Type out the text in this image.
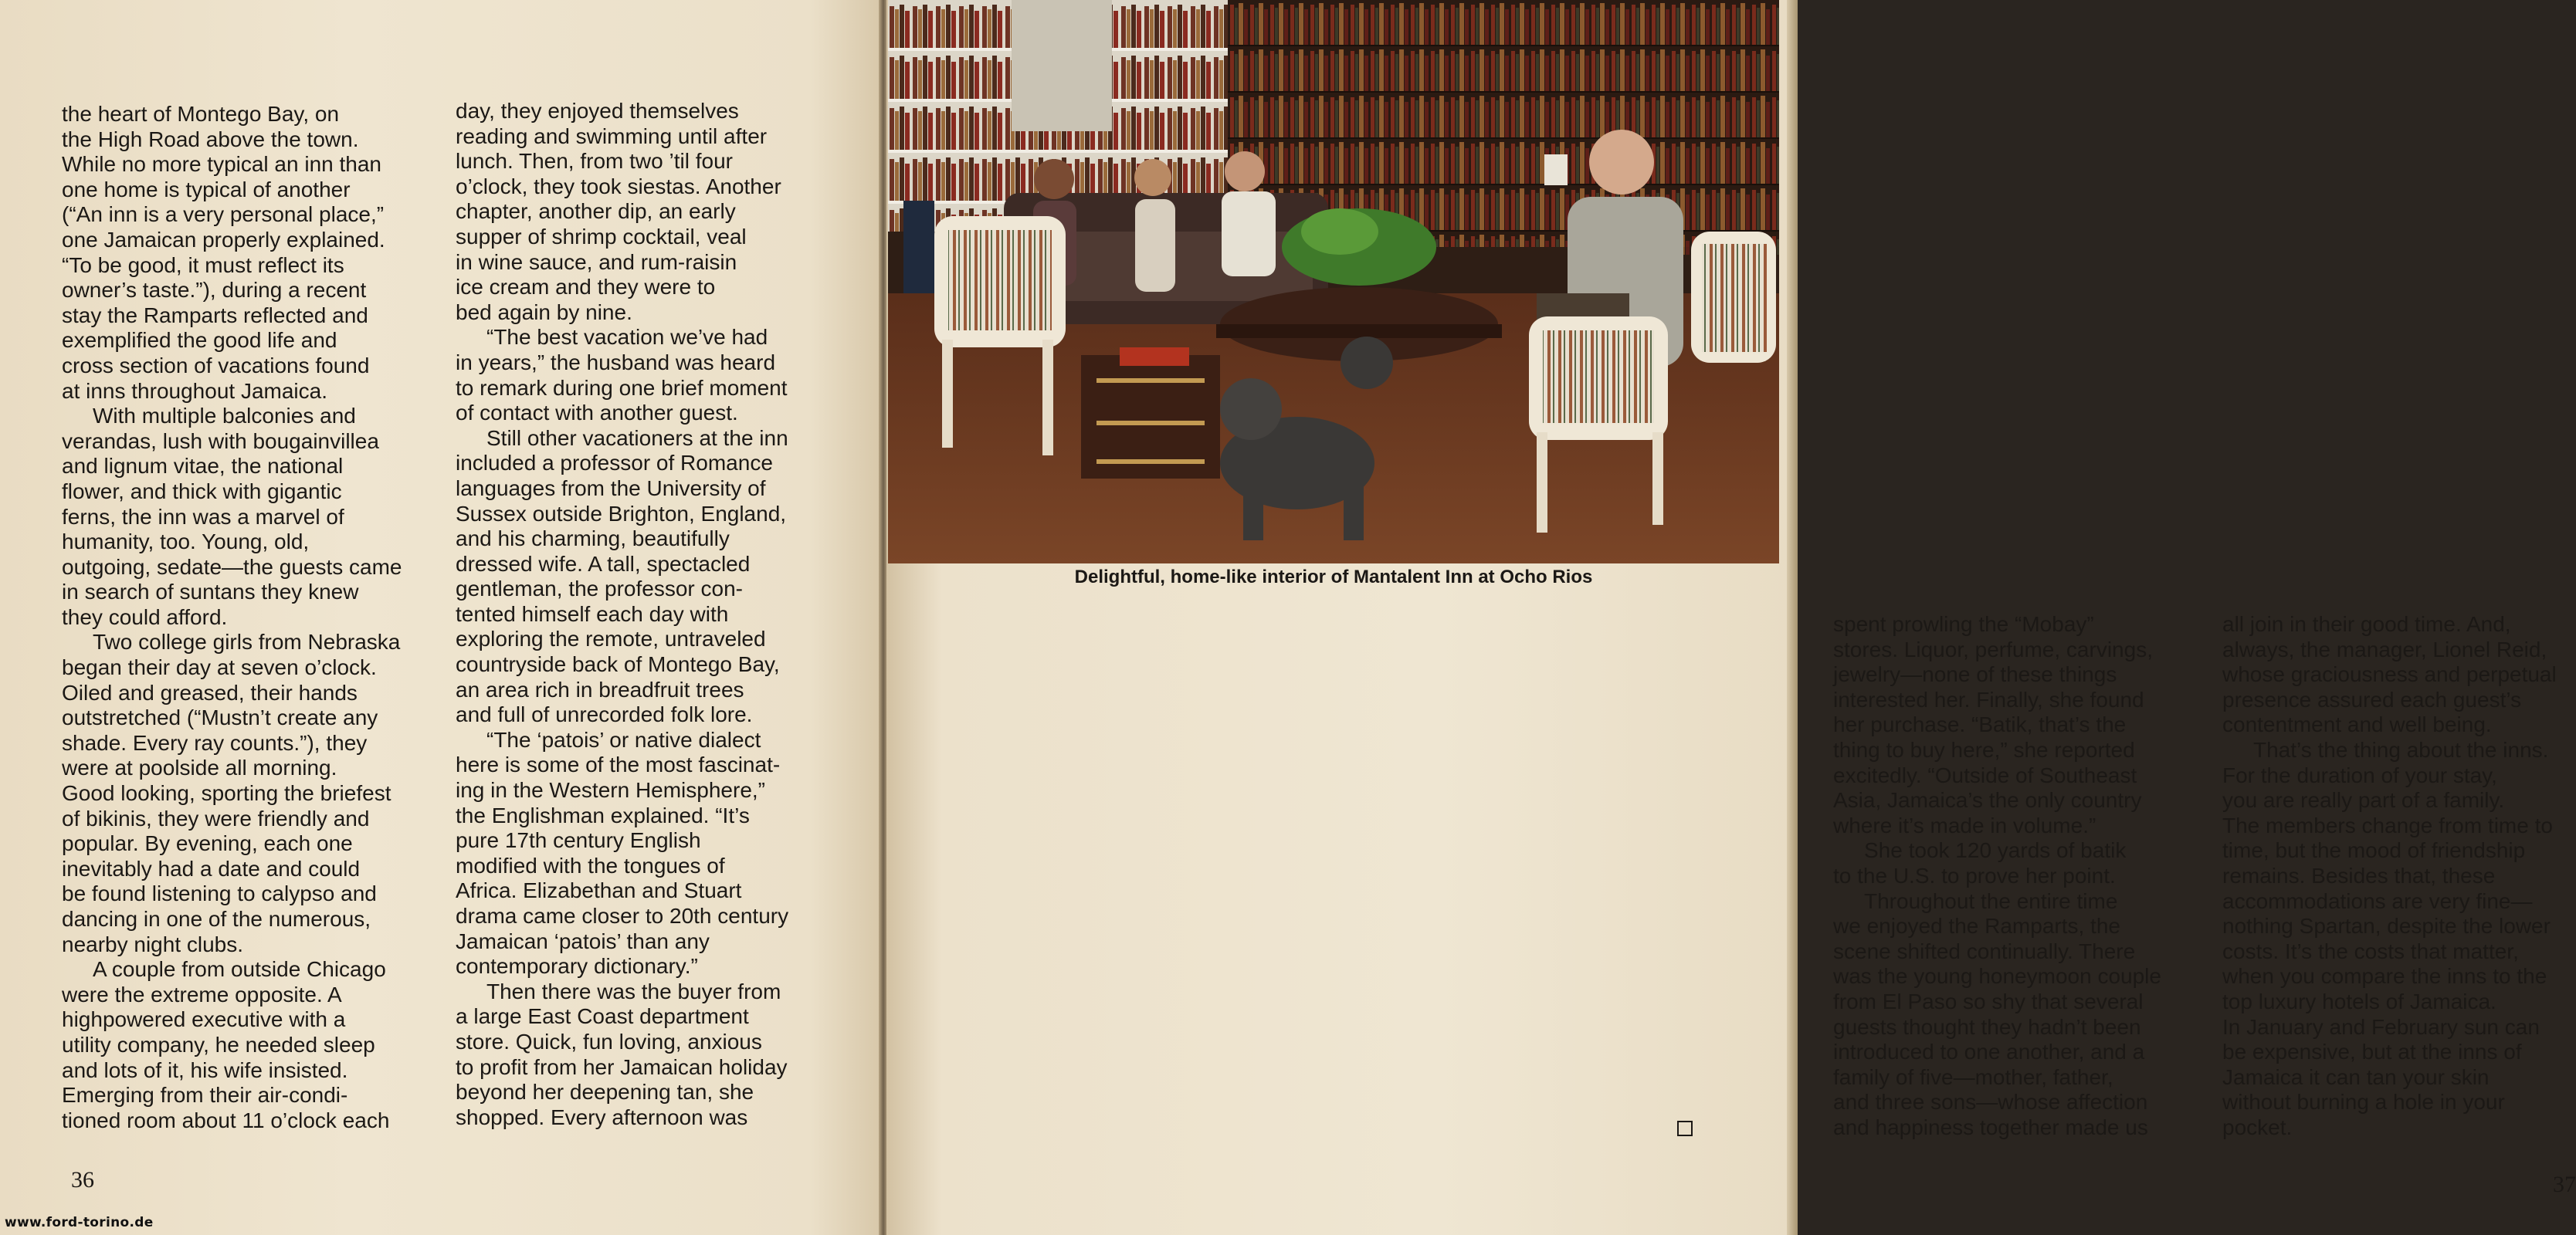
the heart of Montego Bay, on
the High Road above the town.
While no more typical an inn than
one home is typical of another
(“An inn is a very personal place,”
one Jamaican properly explained.
“To be good, it must reflect its
owner’s taste.”), during a recent
stay the Ramparts reflected and
exemplified the good life and
cross section of vacations found
at inns throughout Jamaica.
With multiple balconies and
verandas, lush with bougainvillea
and lignum vitae, the national
flower, and thick with gigantic
ferns, the inn was a marvel of
humanity, too. Young, old,
outgoing, sedate—the guests came
in search of suntans they knew
they could afford.
Two college girls from Nebraska
began their day at seven o’clock.
Oiled and greased, their hands
outstretched (“Mustn’t create any
shade. Every ray counts.”), they
were at poolside all morning.
Good looking, sporting the briefest
of bikinis, they were friendly and
popular. By evening, each one
inevitably had a date and could
be found listening to calypso and
dancing in one of the numerous,
nearby night clubs.
A couple from outside Chicago
were the extreme opposite. A
highpowered executive with a
utility company, he needed sleep
and lots of it, his wife insisted.
Emerging from their air-condi-
tioned room about 11 o’clock each
day, they enjoyed themselves
reading and swimming until after
lunch. Then, from two ’til four
o’clock, they took siestas. Another
chapter, another dip, an early
supper of shrimp cocktail, veal
in wine sauce, and rum-raisin
ice cream and they were to
bed again by nine.
“The best vacation we’ve had
in years,” the husband was heard
to remark during one brief moment
of contact with another guest.
Still other vacationers at the inn
included a professor of Romance
languages from the University of
Sussex outside Brighton, England,
and his charming, beautifully
dressed wife. A tall, spectacled
gentleman, the professor con-
tented himself each day with
exploring the remote, untraveled
countryside back of Montego Bay,
an area rich in breadfruit trees
and full of unrecorded folk lore.
“The ‘patois’ or native dialect
here is some of the most fascinat-
ing in the Western Hemisphere,”
the Englishman explained. “It’s
pure 17th century English
modified with the tongues of
Africa. Elizabethan and Stuart
drama came closer to 20th century
Jamaican ‘patois’ than any
contemporary dictionary.”
Then there was the buyer from
a large East Coast department
store. Quick, fun loving, anxious
to profit from her Jamaican holiday
beyond her deepening tan, she
shopped. Every afternoon was
36
www.ford-torino.de
spent prowling the “Mobay”
stores. Liquor, perfume, carvings,
jewelry—none of these things
interested her. Finally, she found
her purchase. “Batik, that’s the
thing to buy here,” she reported
excitedly. “Outside of Southeast
Asia, Jamaica’s the only country
where it’s made in volume.”
She took 120 yards of batik
to the U.S. to prove her point.
Throughout the entire time
we enjoyed the Ramparts, the
scene shifted continually. There
was the young honeymoon couple
from El Paso so shy that several
guests thought they hadn’t been
introduced to one another, and a
family of five—mother, father,
and three sons—whose affection
and happiness together made us
all join in their good time. And,
always, the manager, Lionel Reid,
whose graciousness and perpetual
presence assured each guest’s
contentment and well being.
That’s the thing about the inns.
For the duration of your stay,
you are really part of a family.
The members change from time to
time, but the mood of friendship
remains. Besides that, these
accommodations are very fine—
nothing Spartan, despite the lower
costs. It’s the costs that matter,
when you compare the inns to the
top luxury hotels of Jamaica.
In January and February sun can
be expensive, but at the inns of
Jamaica it can tan your skin
without burning a hole in your
pocket.
37
Delightful, home-like interior of Mantalent Inn at Ocho Rios
